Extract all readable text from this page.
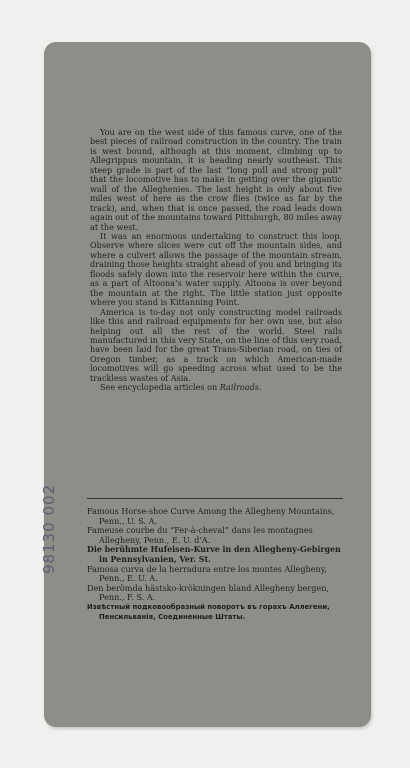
You are on the west side of this famous curve, one of the best pieces of railroad construction in the country. The train is west bound, although at this moment, climbing up to Allegrippus mountain, it is heading nearly southeast. This steep grade is part of the last “long pull and strong pull” that the locomotive has to make in getting over the gigantic wall of the Alleghenies. The last height is only about five miles west of here as the crow flies (twice as far by the track), and, when that is once passed, the road leads down again out of the mountains toward Pittsburgh, 80 miles away at the west.

It was an enormous undertaking to construct this loop. Observe where slices were cut off the mountain sides, and where a culvert allows the passage of the mountain stream, draining those heights straight ahead of you and bringing its floods safely down into the reservoir here within the curve, as a part of Altoona’s water supply. Altoona is over beyond the mountain at the right. The little station just opposite where you stand is Kittanning Point.

America is to-day not only constructing model railroads like this and railroad equipments for her own use, but also helping out all the rest of the world. Steel rails manufactured in this very State, on the line of this very road, have been laid for the great Trans-Siberian road, on ties of Oregon timber, as a track on which American-made locomotives will go speeding across what used to be the trackless wastes of Asia.

See encyclopedia articles on Railroads.

Famous Horse-shoe Curve Among the Allegheny Mountains, Penn., U. S. A.
Fameuse courbe du “Fer-à-cheval” dans les montagnes Allegheny, Penn., E. U. d’A.
Die berühmte Hufeisen-Kurve in den Allegheny-Gebirgen in Pennsylvanien, Ver. St.
Famosa curva de la herradura entre los montes Allegheny, Penn., E. U. A.
Den berömda hästsko-krökningen bland Allegheny bergen, Penn., F. S. A.
Извѣстный подковообразный поворотъ въ горахъ Аллегени, Пенсильванія, Соединенные Штаты.
98130 002
